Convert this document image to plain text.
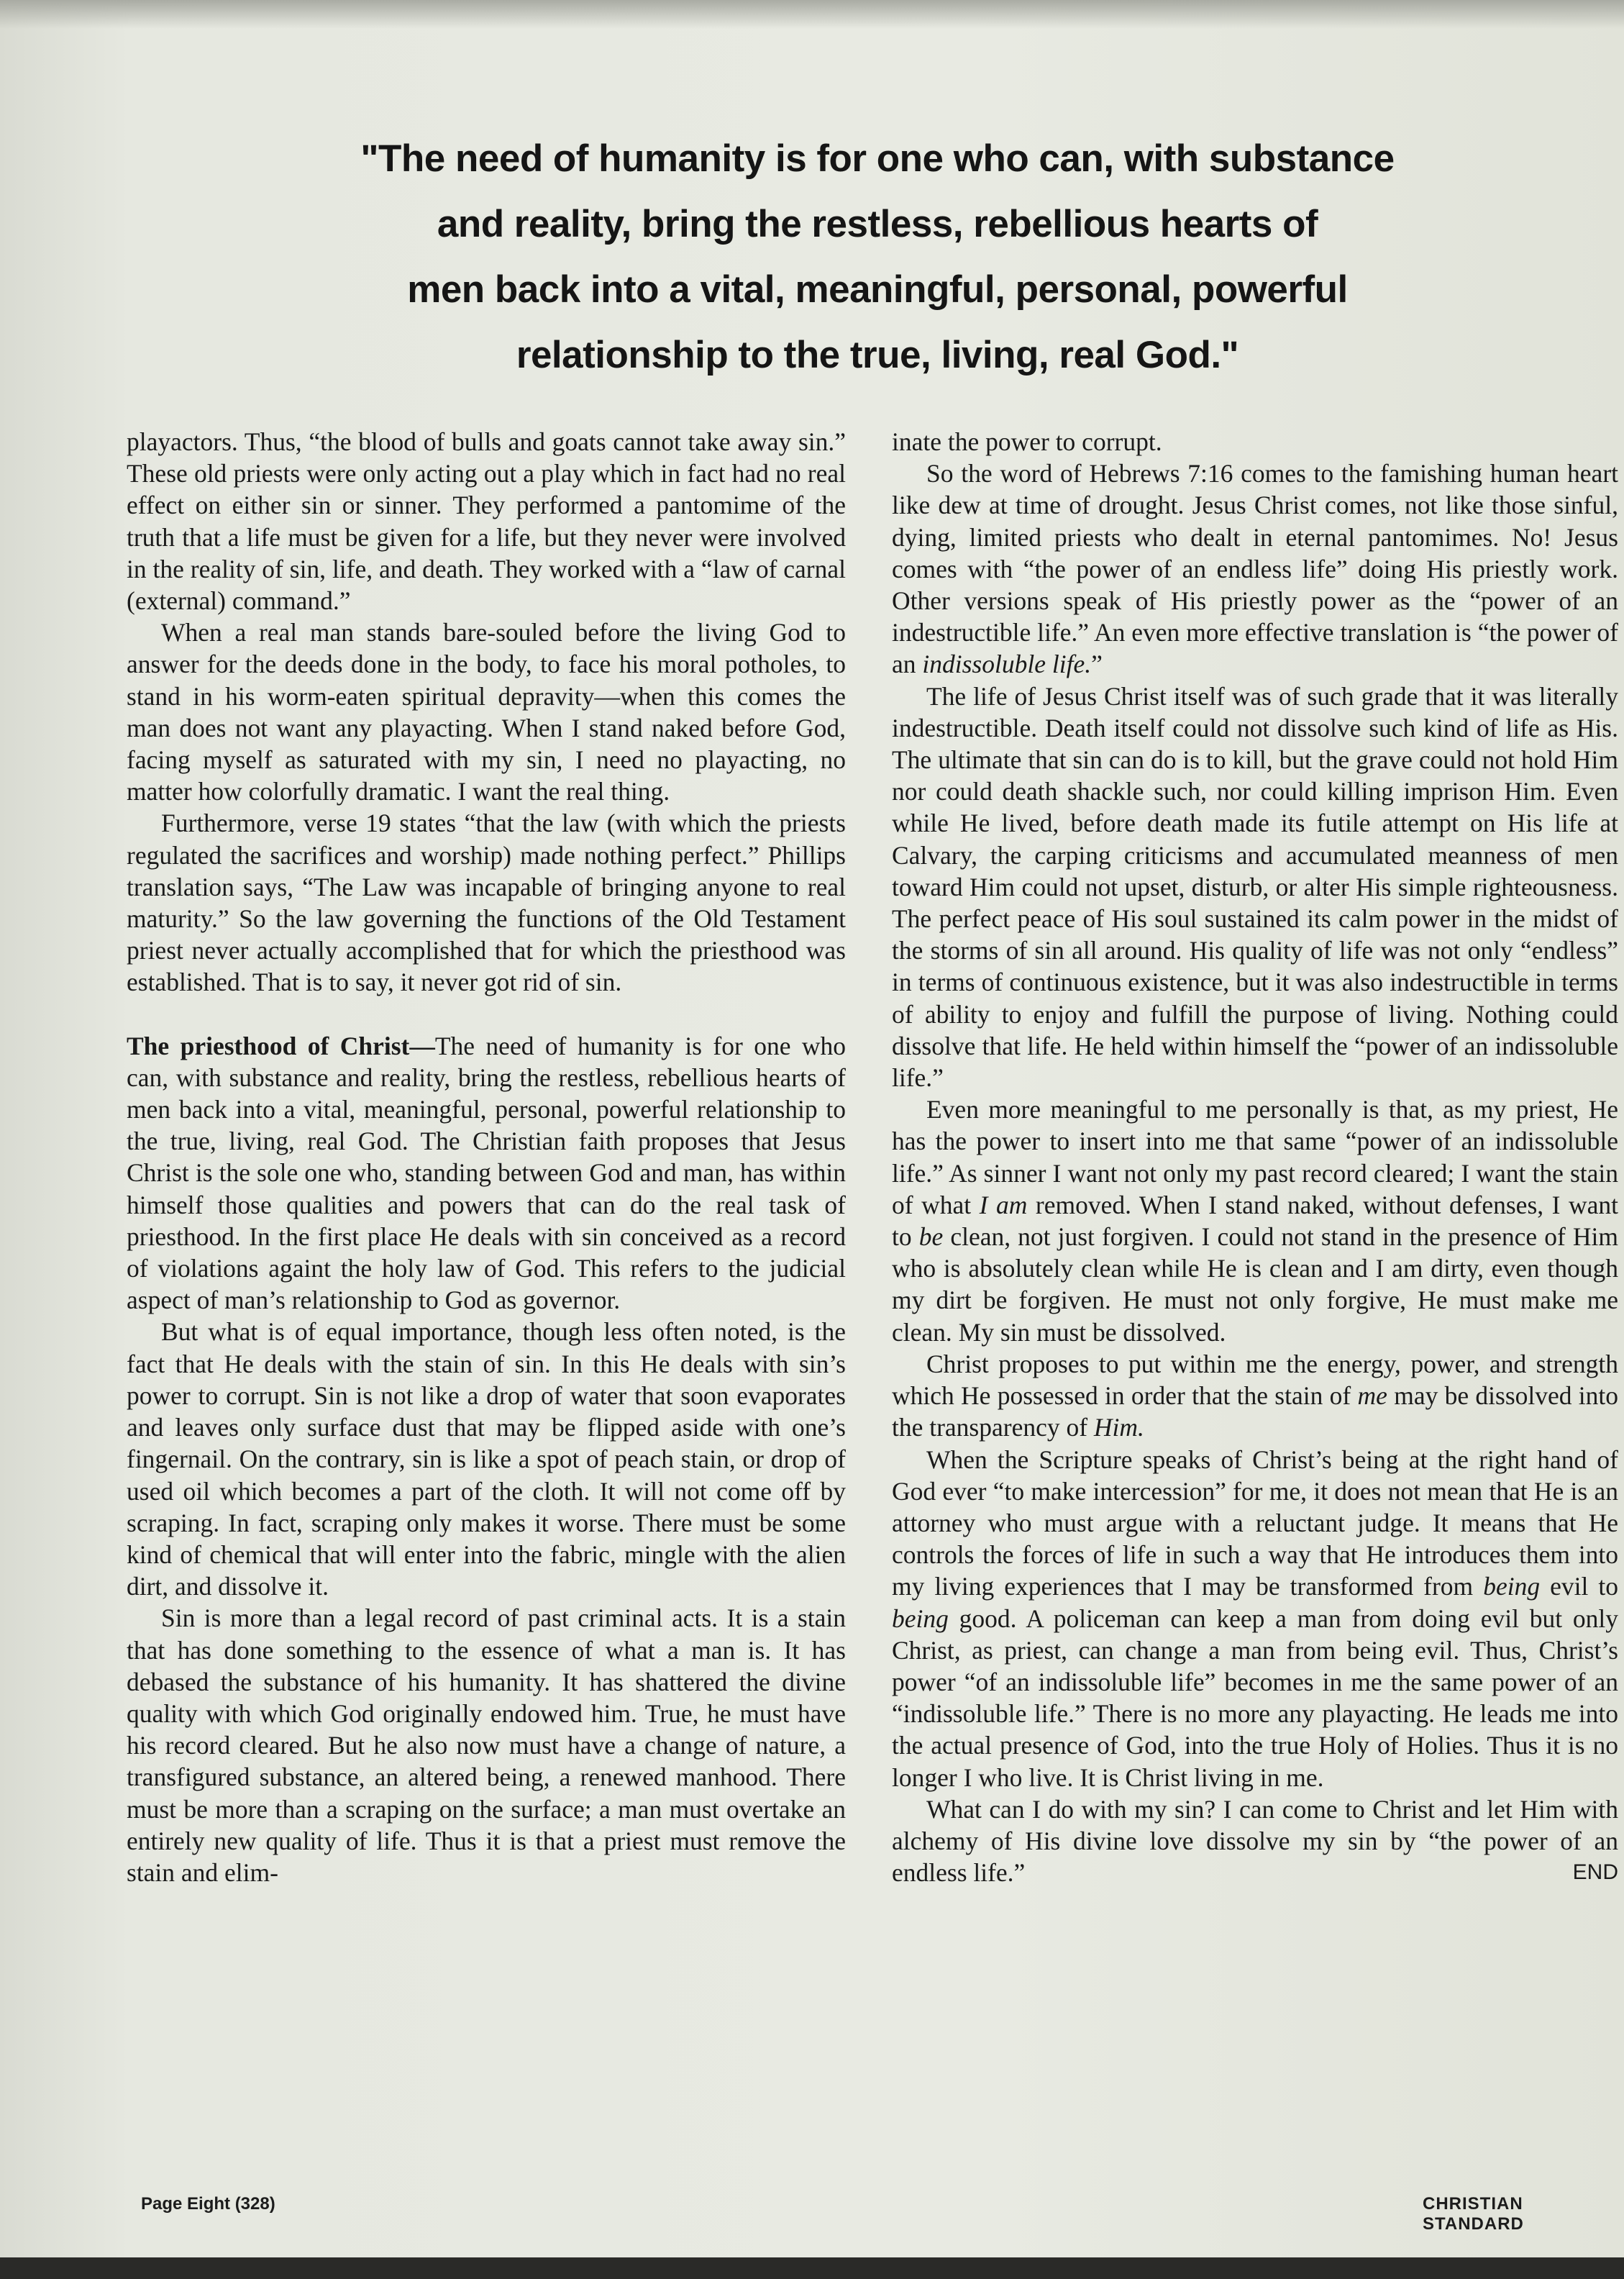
"The need of humanity is for one who can, with substance
and reality, bring the restless, rebellious hearts of
men back into a vital, meaningful, personal, powerful
relationship to the true, living, real God."

playactors. Thus, “the blood of bulls and goats cannot take away sin.” These old priests were only acting out a play which in fact had no real effect on either sin or sinner. They performed a pantomime of the truth that a life must be given for a life, but they never were involved in the reality of sin, life, and death. They worked with a “law of carnal (external) command.”

When a real man stands bare-souled before the living God to answer for the deeds done in the body, to face his moral potholes, to stand in his worm-eaten spiritual depravity—when this comes the man does not want any playacting. When I stand naked before God, facing myself as saturated with my sin, I need no playacting, no matter how colorfully dramatic. I want the real thing.

Furthermore, verse 19 states “that the law (with which the priests regulated the sacrifices and worship) made nothing perfect.” Phillips translation says, “The Law was incapable of bringing anyone to real maturity.” So the law governing the functions of the Old Testament priest never actually accomplished that for which the priesthood was established. That is to say, it never got rid of sin.

The priesthood of Christ—The need of humanity is for one who can, with substance and reality, bring the restless, rebellious hearts of men back into a vital, meaningful, personal, powerful relationship to the true, living, real God. The Christian faith proposes that Jesus Christ is the sole one who, standing between God and man, has within himself those qualities and powers that can do the real task of priesthood. In the first place He deals with sin conceived as a record of violations againt the holy law of God. This refers to the judicial aspect of man’s relationship to God as governor.

But what is of equal importance, though less often noted, is the fact that He deals with the stain of sin. In this He deals with sin’s power to corrupt. Sin is not like a drop of water that soon evaporates and leaves only surface dust that may be flipped aside with one’s fingernail. On the contrary, sin is like a spot of peach stain, or drop of used oil which becomes a part of the cloth. It will not come off by scraping. In fact, scraping only makes it worse. There must be some kind of chemical that will enter into the fabric, mingle with the alien dirt, and dissolve it.

Sin is more than a legal record of past criminal acts. It is a stain that has done something to the essence of what a man is. It has debased the substance of his humanity. It has shattered the divine quality with which God originally endowed him. True, he must have his record cleared. But he also now must have a change of nature, a transfigured substance, an altered being, a renewed manhood. There must be more than a scraping on the surface; a man must overtake an entirely new quality of life. Thus it is that a priest must remove the stain and elim-

inate the power to corrupt.

So the word of Hebrews 7:16 comes to the famishing human heart like dew at time of drought. Jesus Christ comes, not like those sinful, dying, limited priests who dealt in eternal pantomimes. No! Jesus comes with “the power of an endless life” doing His priestly work. Other versions speak of His priestly power as the “power of an indestructible life.” An even more effective translation is “the power of an indissoluble life.”

The life of Jesus Christ itself was of such grade that it was literally indestructible. Death itself could not dissolve such kind of life as His. The ultimate that sin can do is to kill, but the grave could not hold Him nor could death shackle such, nor could killing imprison Him. Even while He lived, before death made its futile attempt on His life at Calvary, the carping criticisms and accumulated meanness of men toward Him could not upset, disturb, or alter His simple righteousness. The perfect peace of His soul sustained its calm power in the midst of the storms of sin all around. His quality of life was not only “endless” in terms of continuous existence, but it was also indestructible in terms of ability to enjoy and fulfill the purpose of living. Nothing could dissolve that life. He held within himself the “power of an indissoluble life.”

Even more meaningful to me personally is that, as my priest, He has the power to insert into me that same “power of an indissoluble life.” As sinner I want not only my past record cleared; I want the stain of what I am removed. When I stand naked, without defenses, I want to be clean, not just forgiven. I could not stand in the presence of Him who is absolutely clean while He is clean and I am dirty, even though my dirt be forgiven. He must not only forgive, He must make me clean. My sin must be dissolved.

Christ proposes to put within me the energy, power, and strength which He possessed in order that the stain of me may be dissolved into the transparency of Him.

When the Scripture speaks of Christ’s being at the right hand of God ever “to make intercession” for me, it does not mean that He is an attorney who must argue with a reluctant judge. It means that He controls the forces of life in such a way that He introduces them into my living experiences that I may be transformed from being evil to being good. A policeman can keep a man from doing evil but only Christ, as priest, can change a man from being evil. Thus, Christ’s power “of an indissoluble life” becomes in me the same power of an “indissoluble life.” There is no more any playacting. He leads me into the actual presence of God, into the true Holy of Holies. Thus it is no longer I who live. It is Christ living in me.

What can I do with my sin? I can come to Christ and let Him with alchemy of His divine love dissolve my sin by “the power of an endless life.”	END

Page Eight (328)	CHRISTIAN STANDARD
